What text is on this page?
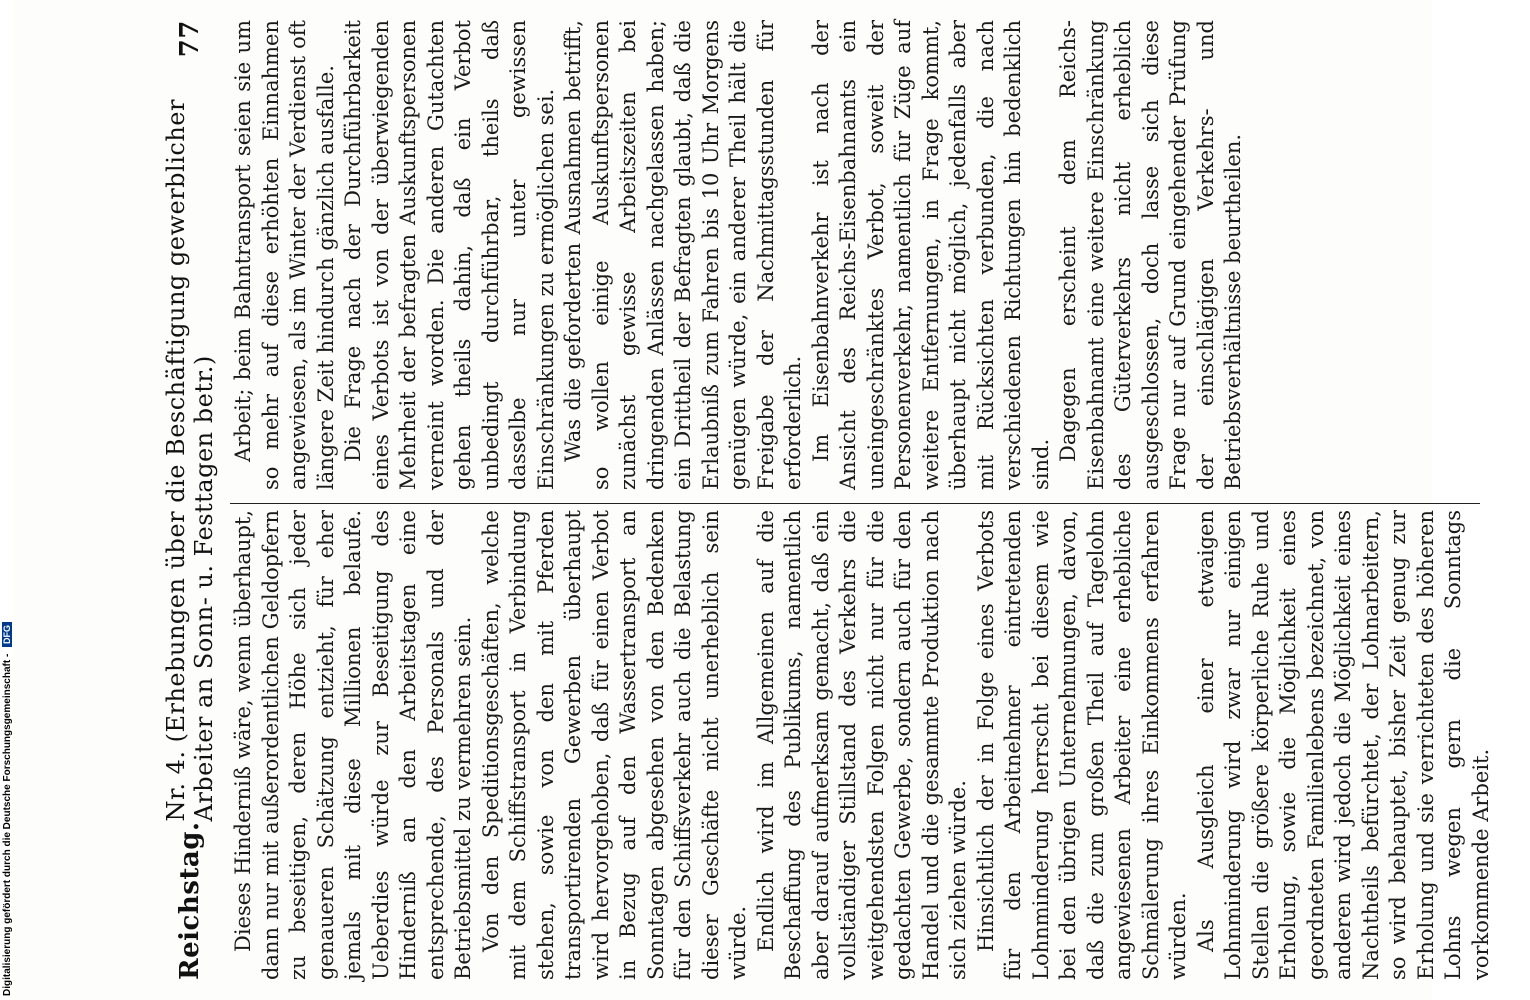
Reichstag.
Nr. 4. (Erhebungen über die Beschäftigung gewerblicher Arbeiter an Sonn- u. Festtagen betr.)
77

Dieses Hinderniß wäre, wenn überhaupt, dann nur mit außerordentlichen Geldopfern zu beseitigen, deren Höhe sich jeder genaueren Schätzung entzieht, für eher jemals mit diese Millionen belaufe. Ueberdies würde zur Beseitigung des Hinderniß an den Arbeitstagen eine entsprechende, des Personals und der Betriebsmittel zu vermehren sein. Von den Speditionsgeschäften, welche mit dem Schiffstransport in Verbindung stehen, sowie von den mit Pferden transportirenden Gewerben überhaupt wird hervorgehoben, daß für einen Verbot in Bezug auf den Wassertransport an Sonntagen abgesehen von den Bedenken für den Schiffsverkehr auch die Belastung dieser Geschäfte nicht unerheblich sein würde. Endlich wird im Allgemeinen auf die Beschaffung des Publikums, namentlich aber darauf aufmerksam gemacht, daß ein vollständiger Stillstand des Verkehrs die weitgehendsten Folgen nicht nur für die gedachten Gewerbe, sondern auch für den Handel und die gesammte Produktion nach sich ziehen würde. Hinsichtlich der in Folge eines Verbots für den Arbeitnehmer eintretenden Lohnminderung herrscht bei diesem wie bei den übrigen Unternehmungen, davon, daß die zum großen Theil auf Tagelohn angewiesenen Arbeiter eine erhebliche Schmälerung ihres Einkommens erfahren würden. Als Ausgleich einer etwaigen Lohnminderung wird zwar nur einigen Stellen die größere körperliche Ruhe und Erholung, sowie die Möglichkeit eines geordneten Familienlebens bezeichnet, von anderen wird jedoch die Möglichkeit eines Nachtheils befürchtet, der Lohnarbeitern, so wird behauptet, bisher Zeit genug zur Erholung und sie verrichteten des höheren Lohns wegen gern die Sonntags vorkommende Arbeit.

Arbeit; beim Bahntransport seien sie um so mehr auf diese erhöhten Einnahmen angewiesen, als im Winter der Verdienst oft längere Zeit hindurch gänzlich ausfalle. Die Frage nach der Durchführbarkeit eines Verbots ist von der überwiegenden Mehrheit der befragten Auskunftspersonen verneint worden. Die anderen Gutachten gehen theils dahin, daß ein Verbot unbedingt durchführbar, theils daß dasselbe nur unter gewissen Einschränkungen zu ermöglichen sei. Was die geforderten Ausnahmen betrifft, so wollen einige Auskunftspersonen zunächst gewisse Arbeitszeiten bei dringenden Anlässen nachgelassen haben; ein Drittheil der Befragten glaubt, daß die Erlaubniß zum Fahren bis 10 Uhr Morgens genügen würde, ein anderer Theil hält die Freigabe der Nachmittagsstunden für erforderlich. Im Eisenbahnverkehr ist nach der Ansicht des Reichs-Eisenbahnamts ein uneingeschränktes Verbot, soweit der Personenverkehr, namentlich für Züge auf weitere Entfernungen, in Frage kommt, überhaupt nicht möglich, jedenfalls aber mit Rücksichten verbunden, die nach verschiedenen Richtungen hin bedenklich sind.

Dagegen erscheint dem Reichs-Eisenbahnamt eine weitere Einschränkung des Güterverkehrs nicht erheblich ausgeschlossen, doch lasse sich diese Frage nur auf Grund eingehender Prüfung der einschlägigen Verkehrs- und Betriebsverhältnisse beurtheilen.

Digitalisierung gefördert durch die Deutsche Forschungsgemeinschaft - DFG
